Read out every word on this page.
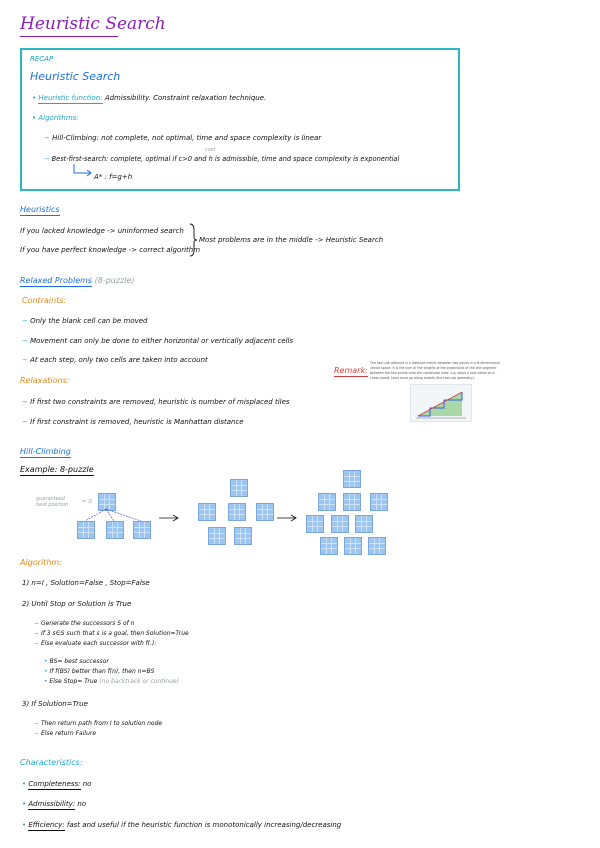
Heuristic Search
RECAP
Heuristic Search
• Heuristic function: Admissibility. Constraint relaxation technique.
• Algorithms:
− Hill-Climbing: not complete, not optimal, time and space complexity is linear
cost
− Best-first-search: complete, optimal if c>0 and h is admissible, time and space complexity is exponential
A* : f=g+h
Heuristics
If you lacked knowledge -> uninformed search
If you have perfect knowledge -> correct algorithm
Most problems are in the middle -> Heuristic Search
Relaxed Problems (8-puzzle)
Contraints:
− Only the blank cell can be moved
− Movement can only be done to either horizontal or vertically adjacent cells
− At each step, only two cells are taken into account
Relaxations:
− If first two constraints are removed, heuristic is number of misplaced tiles
− If first constraint is removed, heuristic is Manhattan distance
Remark:
The taxi-cab distance is a distance metric between two points in a N dimensional
vector space. It is the sum of the lengths of the projections of the line segment
between the two points onto the coordinate axes, e.g. steps a rook takes on a
chess board; taxis must go along streets (the taxi-cab geometry).
Hill-Climbing
Example: 8-puzzle
guaranteed
best position	= 0
Algorithm:
1) n=I , Solution=False , Stop=False
2) Until Stop or Solution is True
− Generate the successors S of n
− If 3 s∈S such that s is a goal, then Solution=True
− Else evaluate each successor with f(.):
• BS= best successor
• If f(BS) better than f(n), then n=BS
• Else Stop= True (no backtrack or continue)
3) If Solution=True
− Then return path from I to solution node
− Else return Failure
Characteristics:
• Completeness: no
• Admissibility: no
• Efficiency: fast and useful if the heuristic function is monotonically increasing/decreasing
